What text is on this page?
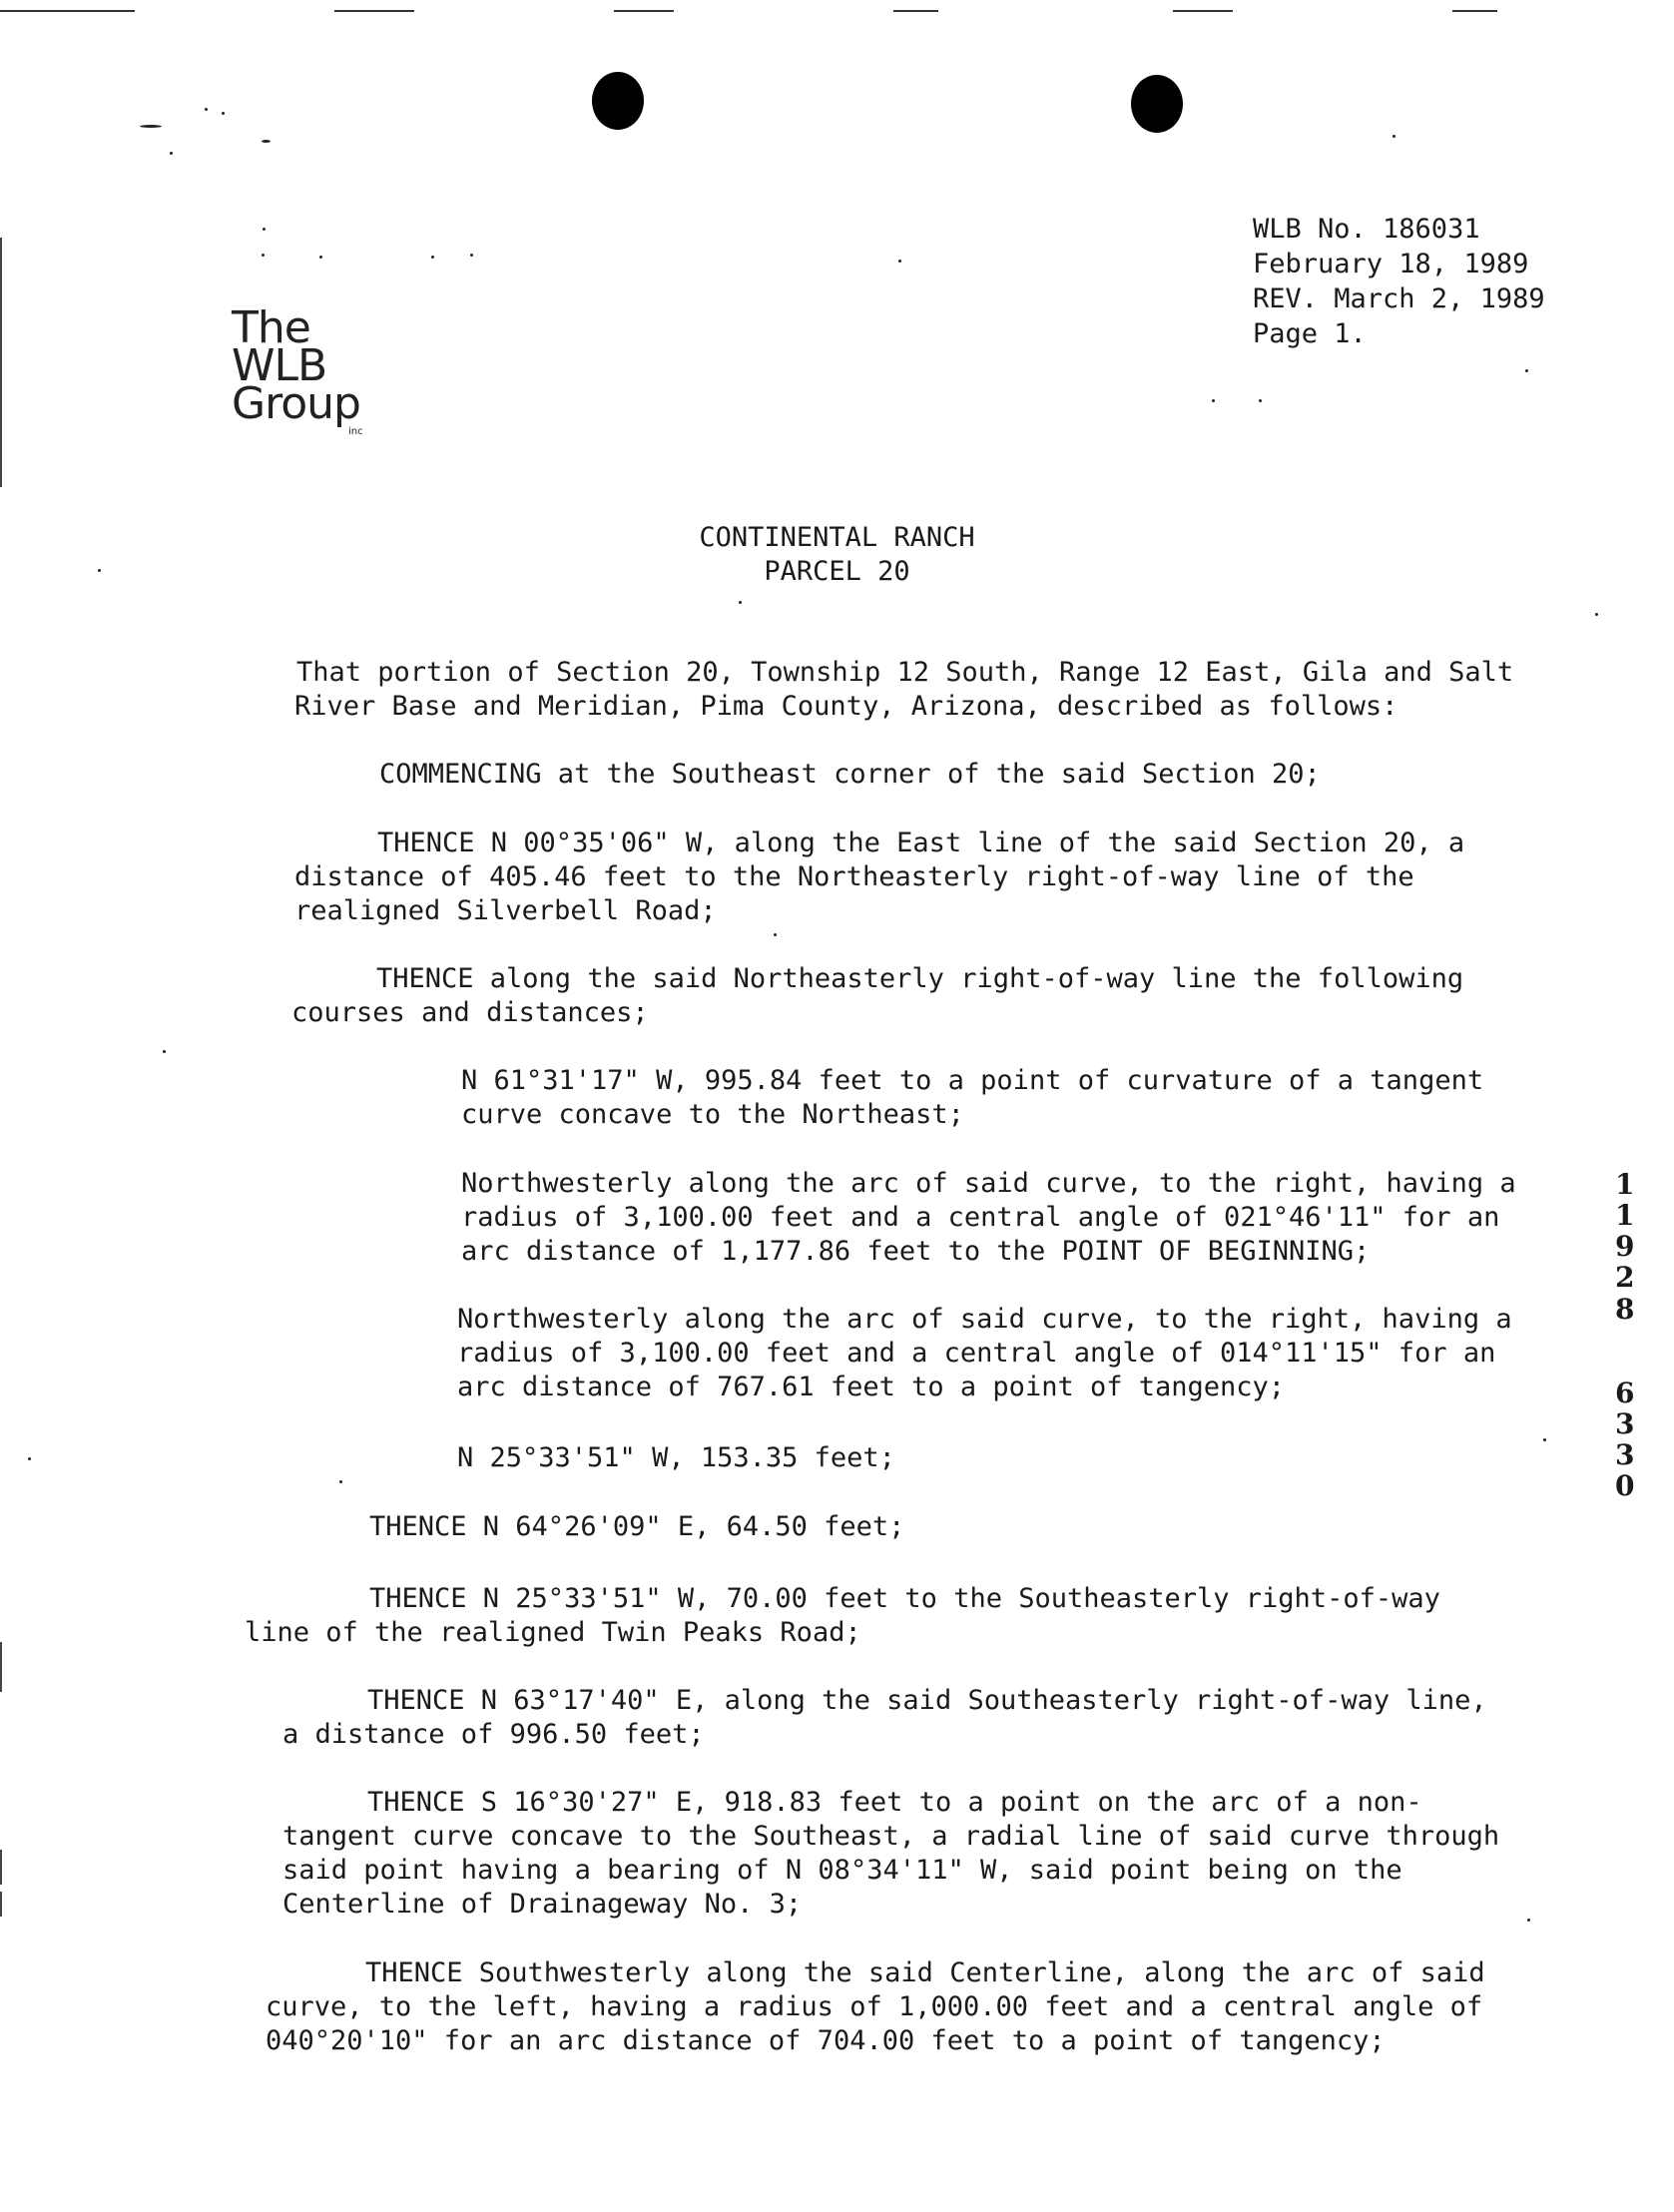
The
WLB
Group
inc
WLB No. 186031
February 18, 1989
REV. March 2, 1989
Page 1.
CONTINENTAL RANCH
PARCEL 20
That portion of Section 20, Township 12 South, Range 12 East, Gila and Salt
River Base and Meridian, Pima County, Arizona, described as follows:
COMMENCING at the Southeast corner of the said Section 20;
THENCE N 00°35'06" W, along the East line of the said Section 20, a
distance of 405.46 feet to the Northeasterly right-of-way line of the
realigned Silverbell Road;
THENCE along the said Northeasterly right-of-way line the following
courses and distances;
N 61°31'17" W, 995.84 feet to a point of curvature of a tangent
curve concave to the Northeast;
Northwesterly along the arc of said curve, to the right, having a
radius of 3,100.00 feet and a central angle of 021°46'11" for an
arc distance of 1,177.86 feet to the POINT OF BEGINNING;
Northwesterly along the arc of said curve, to the right, having a
radius of 3,100.00 feet and a central angle of 014°11'15" for an
arc distance of 767.61 feet to a point of tangency;
N 25°33'51" W, 153.35 feet;
THENCE N 64°26'09" E, 64.50 feet;
THENCE N 25°33'51" W, 70.00 feet to the Southeasterly right-of-way
line of the realigned Twin Peaks Road;
THENCE N 63°17'40" E, along the said Southeasterly right-of-way line,
a distance of 996.50 feet;
THENCE S 16°30'27" E, 918.83 feet to a point on the arc of a non-
tangent curve concave to the Southeast, a radial line of said curve through
said point having a bearing of N 08°34'11" W, said point being on the
Centerline of Drainageway No. 3;
THENCE Southwesterly along the said Centerline, along the arc of said
curve, to the left, having a radius of 1,000.00 feet and a central angle of
040°20'10" for an arc distance of 704.00 feet to a point of tangency;
1
1
9
2
8
6
3
3
0
